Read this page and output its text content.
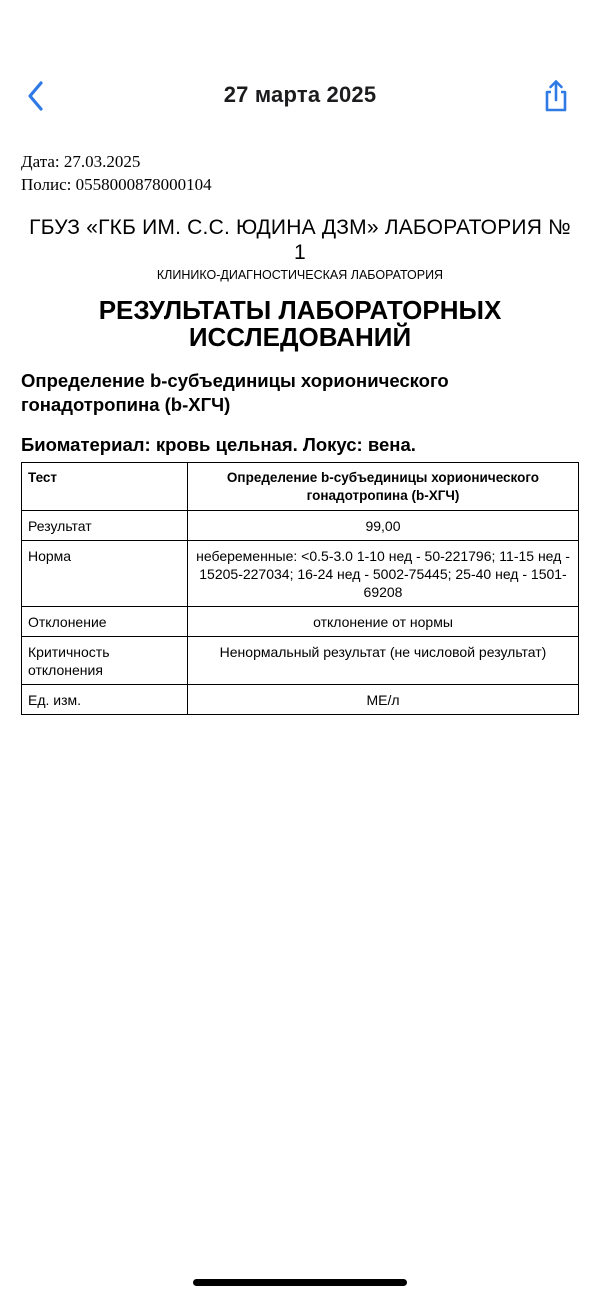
27 марта 2025
Дата: 27.03.2025
Полис: 0558000878000104
ГБУЗ «ГКБ ИМ. С.С. ЮДИНА ДЗМ» ЛАБОРАТОРИЯ № 1
КЛИНИКО-ДИАГНОСТИЧЕСКАЯ ЛАБОРАТОРИЯ
РЕЗУЛЬТАТЫ ЛАБОРАТОРНЫХ ИССЛЕДОВАНИЙ
Определение b-субъединицы хорионического гонадотропина (b-ХГЧ)
Биоматериал: кровь цельная. Локус: вена.
Тест	Определение b-субъединицы хорионического гонадотропина (b-ХГЧ)
Результат	99,00
Норма	небеременные: <0.5-3.0 1-10 нед - 50-221796; 11-15 нед - 15205-227034; 16-24 нед - 5002-75445; 25-40 нед - 1501-69208
Отклонение	отклонение от нормы
Критичность отклонения	Ненормальный результат (не числовой результат)
Ед. изм.	МЕ/л
